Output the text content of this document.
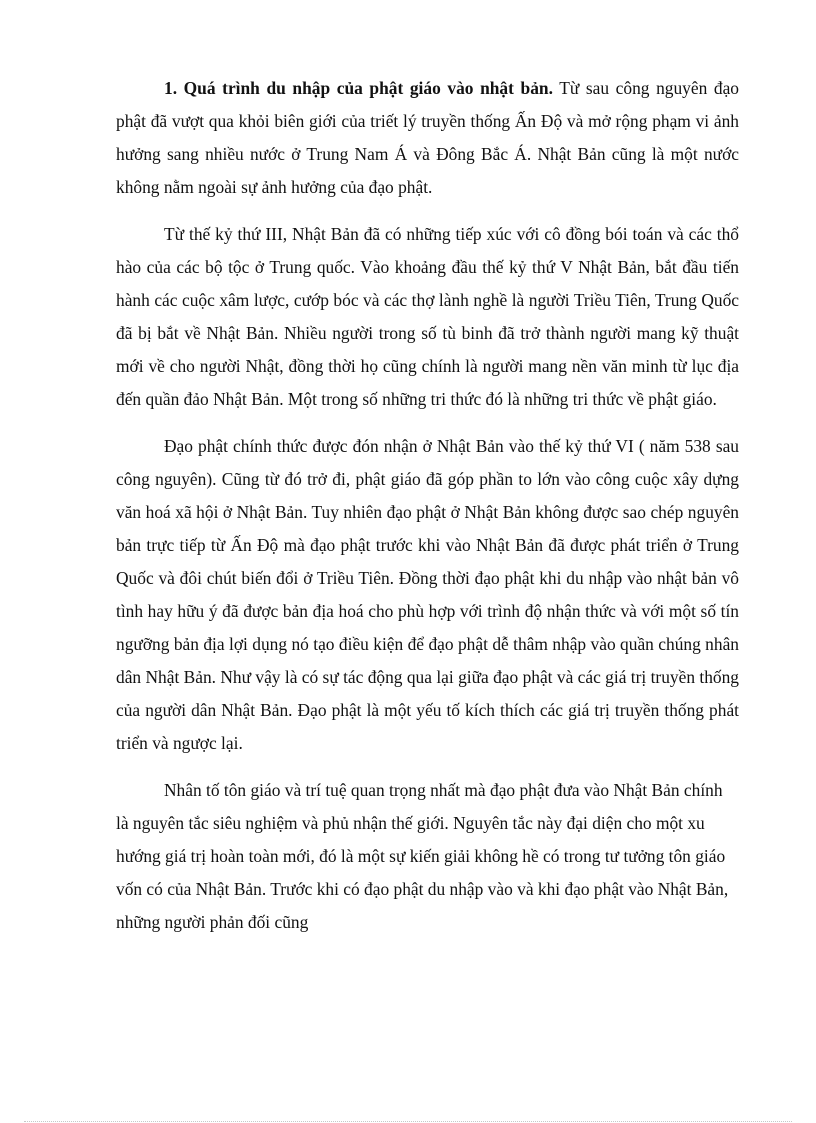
1. Quá trình du nhập của phật giáo vào nhật bản. Từ sau công nguyên đạo phật đã vượt qua khỏi biên giới của triết lý truyền thống Ấn Độ và mở rộng phạm vi ảnh hưởng sang nhiều nước ở Trung Nam Á và Đông Bắc Á. Nhật Bản cũng là một nước không nằm ngoài sự ảnh hưởng của đạo phật.

Từ thế kỷ thứ III, Nhật Bản đã có những tiếp xúc với cô đồng bói toán và các thổ hào của các bộ tộc ở Trung quốc. Vào khoảng đầu thế kỷ thứ V Nhật Bản, bắt đầu tiến hành các cuộc xâm lược, cướp bóc và các thợ lành nghề là người Triều Tiên, Trung Quốc đã bị bắt về Nhật Bản. Nhiều người trong số tù binh đã trở thành người mang kỹ thuật mới về cho người Nhật, đồng thời họ cũng chính là người mang nền văn minh từ lục địa đến quần đảo Nhật Bản. Một trong số những tri thức đó là những tri thức về phật giáo.

Đạo phật chính thức được đón nhận ở Nhật Bản vào thế kỷ thứ VI ( năm 538 sau công nguyên). Cũng từ đó trở đi, phật giáo đã góp phần to lớn vào công cuộc xây dựng văn hoá xã hội ở Nhật Bản. Tuy nhiên đạo phật ở Nhật Bản không được sao chép nguyên bản trực tiếp từ Ấn Độ mà đạo phật trước khi vào Nhật Bản đã được phát triển ở Trung Quốc và đôi chút biến đổi ở Triều Tiên. Đồng thời đạo phật khi du nhập vào nhật bản vô tình hay hữu ý đã được bản địa hoá cho phù hợp với trình độ nhận thức và với một số tín ngưỡng bản địa lợi dụng nó tạo điều kiện để đạo phật dễ thâm nhập vào quần chúng nhân dân Nhật Bản. Như vậy là có sự tác động qua lại giữa đạo phật và các giá trị truyền thống của người dân Nhật Bản. Đạo phật là một yếu tố kích thích các giá trị truyền thống phát triển và ngược lại.

Nhân tố tôn giáo và trí tuệ quan trọng nhất mà đạo phật đưa vào Nhật Bản chính là nguyên tắc siêu nghiệm và phủ nhận thế giới. Nguyên tắc này đại diện cho một xu hướng giá trị hoàn toàn mới, đó là một sự kiến giải không hề có trong tư tưởng tôn giáo vốn có của Nhật Bản. Trước khi có đạo phật du nhập vào và khi đạo phật vào Nhật Bản, những người phản đối cũng
